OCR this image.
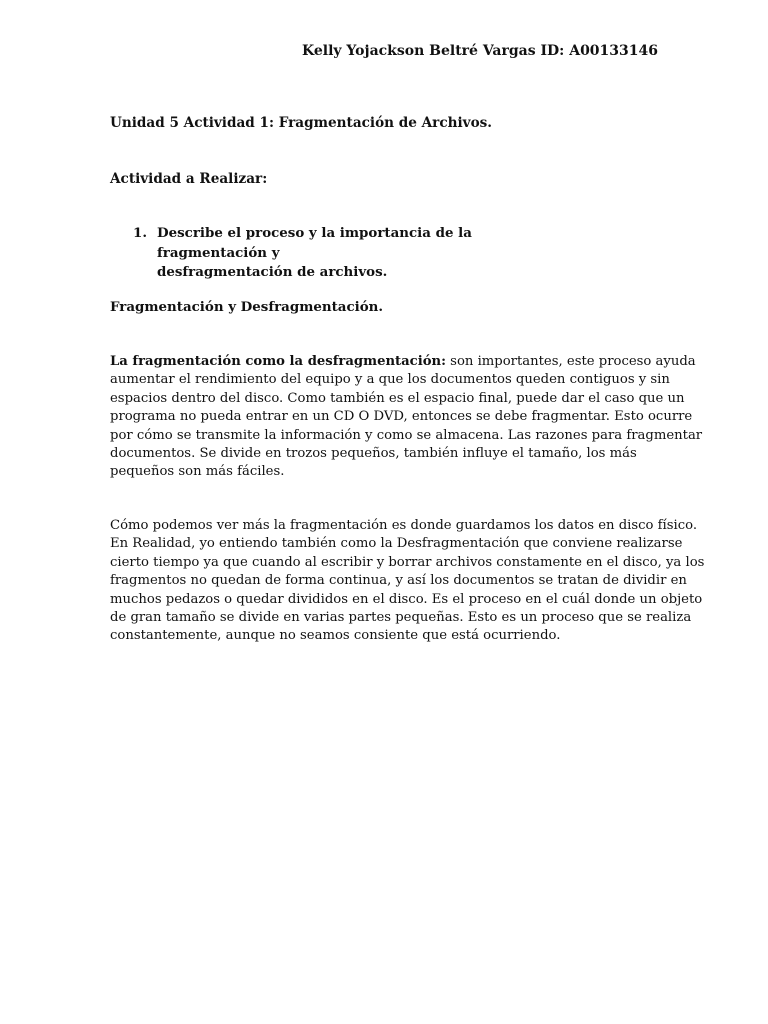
Kelly Yojackson Beltré Vargas ID: A00133146
Unidad 5 Actividad 1: Fragmentación de Archivos.
Actividad a Realizar:
1. Describe el proceso y la importancia de la fragmentación y
desfragmentación de archivos.
Fragmentación y Desfragmentación.
La fragmentación como la desfragmentación: son importantes, este proceso ayuda
aumentar el rendimiento del equipo y a que los documentos queden contiguos y sin
espacios dentro del disco. Como también es el espacio final, puede dar el caso que un
programa no pueda entrar en un CD O DVD, entonces se debe fragmentar. Esto ocurre
por cómo se transmite la información y como se almacena. Las razones para fragmentar
documentos. Se divide en trozos pequeños, también influye el tamaño, los más
pequeños son más fáciles.
Cómo podemos ver más la fragmentación es donde guardamos los datos en disco físico.
En Realidad, yo entiendo también como la Desfragmentación que conviene realizarse
cierto tiempo ya que cuando al escribir y borrar archivos constamente en el disco, ya los
fragmentos no quedan de forma continua, y así los documentos se tratan de dividir en
muchos pedazos o quedar divididos en el disco. Es el proceso en el cuál donde un objeto
de gran tamaño se divide en varias partes pequeñas. Esto es un proceso que se realiza
constantemente, aunque no seamos consiente que está ocurriendo.
